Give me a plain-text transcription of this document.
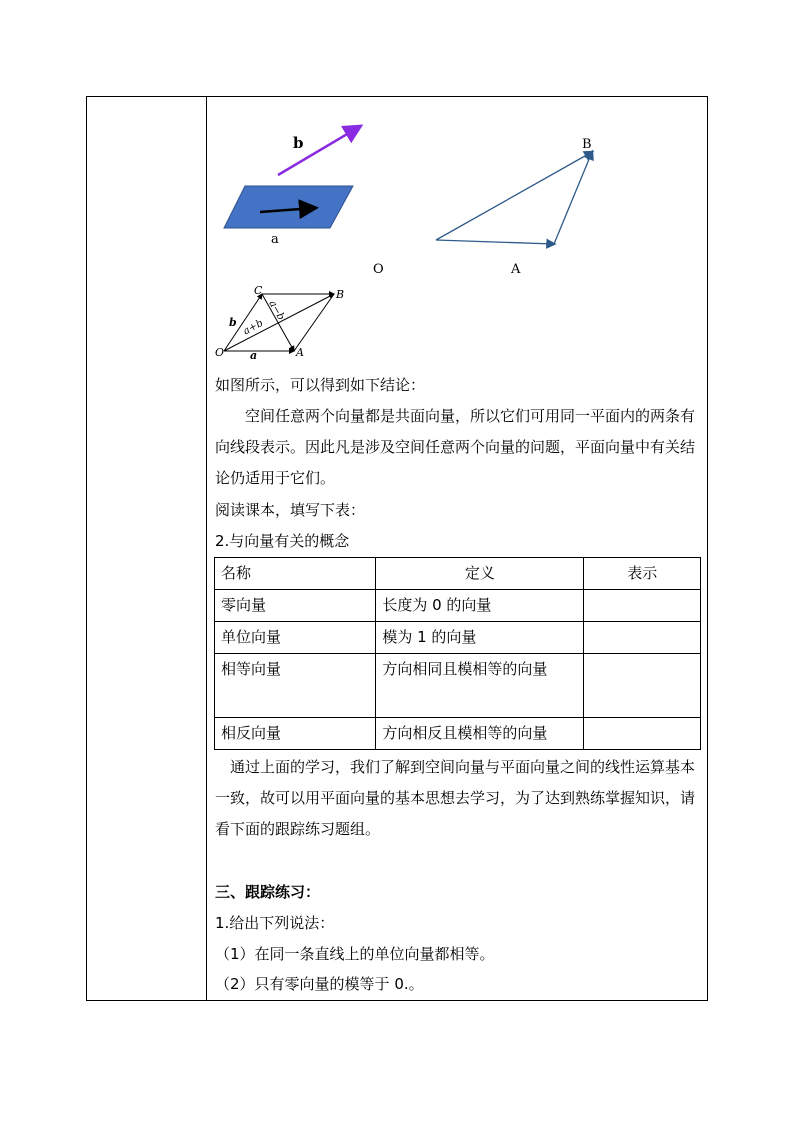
b
a
B
O	A
O	A
B
C
a
b a+b
a−b
如图所示，可以得到如下结论：
空间任意两个向量都是共面向量，所以它们可用同一平面内的两条有向线段表示。因此凡是涉及空间任意两个向量的问题，平面向量中有关结论仍适用于它们。
阅读课本，填写下表：
2.与向量有关的概念
名称	定义	表示
零向量	长度为 0 的向量	
单位向量	模为 1 的向量	
相等向量	方向相同且模相等的向量	
相反向量	方向相反且模相等的向量	
通过上面的学习，我们了解到空间向量与平面向量之间的线性运算基本一致，故可以用平面向量的基本思想去学习，为了达到熟练掌握知识，请看下面的跟踪练习题组。
三、跟踪练习：
1.给出下列说法：
（1）在同一条直线上的单位向量都相等。
（2）只有零向量的模等于 0.。
